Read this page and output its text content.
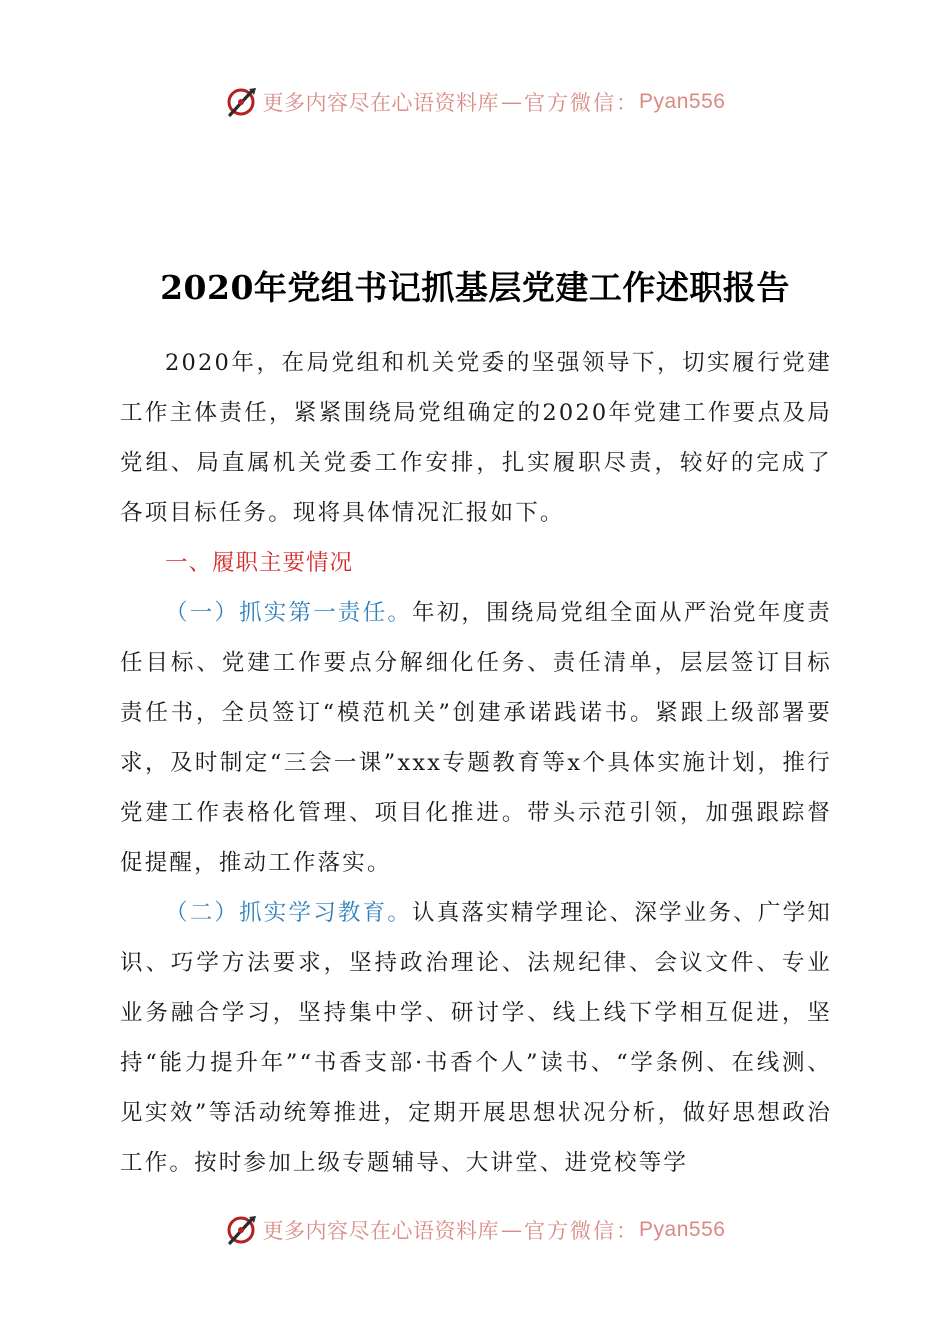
更多内容尽在心语资料库 — 官方微信： Pyan556
2020年党组书记抓基层党建工作述职报告

2020年，在局党组和机关党委的坚强领导下，切实履行党建工作主体责任，紧紧围绕局党组确定的2020年党建工作要点及局党组、局直属机关党委工作安排，扎实履职尽责，较好的完成了各项目标任务。现将具体情况汇报如下。

一、履职主要情况

（一）抓实第一责任。年初，围绕局党组全面从严治党年度责任目标、党建工作要点分解细化任务、责任清单，层层签订目标责任书，全员签订“模范机关”创建承诺践诺书。紧跟上级部署要求，及时制定“三会一课”xxx专题教育等x个具体实施计划，推行党建工作表格化管理、项目化推进。带头示范引领，加强跟踪督促提醒，推动工作落实。

（二）抓实学习教育。认真落实精学理论、深学业务、广学知识、巧学方法要求，坚持政治理论、法规纪律、会议文件、专业业务融合学习，坚持集中学、研讨学、线上线下学相互促进，坚持“能力提升年”“书香支部·书香个人”读书、“学条例、在线测、见实效”等活动统筹推进，定期开展思想状况分析，做好思想政治工作。按时参加上级专题辅导、大讲堂、进党校等学

更多内容尽在心语资料库 — 官方微信： Pyan556
